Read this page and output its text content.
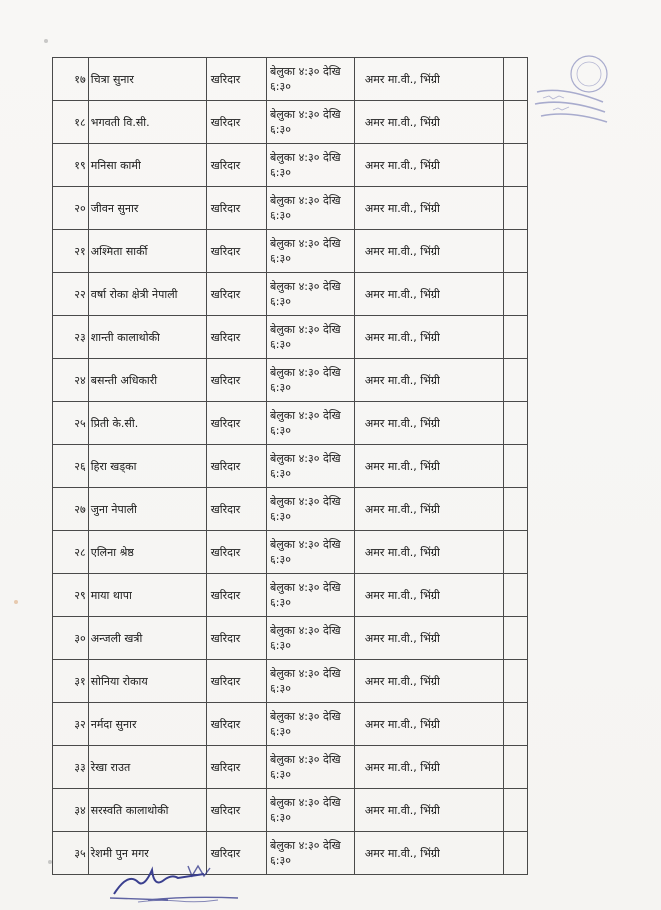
१७	चित्रा सुनार	खरिदार	बेलुका ४:३० देखि
६:३०	अमर मा.वी., भिंग्री	
१८	भगवती वि.सी.	खरिदार	बेलुका ४:३० देखि
६:३०	अमर मा.वी., भिंग्री	
१९	मनिसा कामी	खरिदार	बेलुका ४:३० देखि
६:३०	अमर मा.वी., भिंग्री	
२०	जीवन सुनार	खरिदार	बेलुका ४:३० देखि
६:३०	अमर मा.वी., भिंग्री	
२१	अश्मिता सार्की	खरिदार	बेलुका ४:३० देखि
६:३०	अमर मा.वी., भिंग्री	
२२	वर्षा रोका क्षेत्री नेपाली	खरिदार	बेलुका ४:३० देखि
६:३०	अमर मा.वी., भिंग्री	
२३	शान्ती कालाथोकी	खरिदार	बेलुका ४:३० देखि
६:३०	अमर मा.वी., भिंग्री	
२४	बसन्ती अधिकारी	खरिदार	बेलुका ४:३० देखि
६:३०	अमर मा.वी., भिंग्री	
२५	प्रिती के.सी.	खरिदार	बेलुका ४:३० देखि
६:३०	अमर मा.वी., भिंग्री	
२६	हिरा खड्का	खरिदार	बेलुका ४:३० देखि
६:३०	अमर मा.वी., भिंग्री	
२७	जुना नेपाली	खरिदार	बेलुका ४:३० देखि
६:३०	अमर मा.वी., भिंग्री	
२८	एलिना श्रेष्ठ	खरिदार	बेलुका ४:३० देखि
६:३०	अमर मा.वी., भिंग्री	
२९	माया थापा	खरिदार	बेलुका ४:३० देखि
६:३०	अमर मा.वी., भिंग्री	
३०	अन्जली खत्री	खरिदार	बेलुका ४:३० देखि
६:३०	अमर मा.वी., भिंग्री	
३१	सोनिया रोकाय	खरिदार	बेलुका ४:३० देखि
६:३०	अमर मा.वी., भिंग्री	
३२	नर्मदा सुनार	खरिदार	बेलुका ४:३० देखि
६:३०	अमर मा.वी., भिंग्री	
३३	रेखा राउत	खरिदार	बेलुका ४:३० देखि
६:३०	अमर मा.वी., भिंग्री	
३४	सरस्वति कालाथोकी	खरिदार	बेलुका ४:३० देखि
६:३०	अमर मा.वी., भिंग्री	
३५	रेशमी पुन मगर	खरिदार	बेलुका ४:३० देखि
६:३०	अमर मा.वी., भिंग्री	
